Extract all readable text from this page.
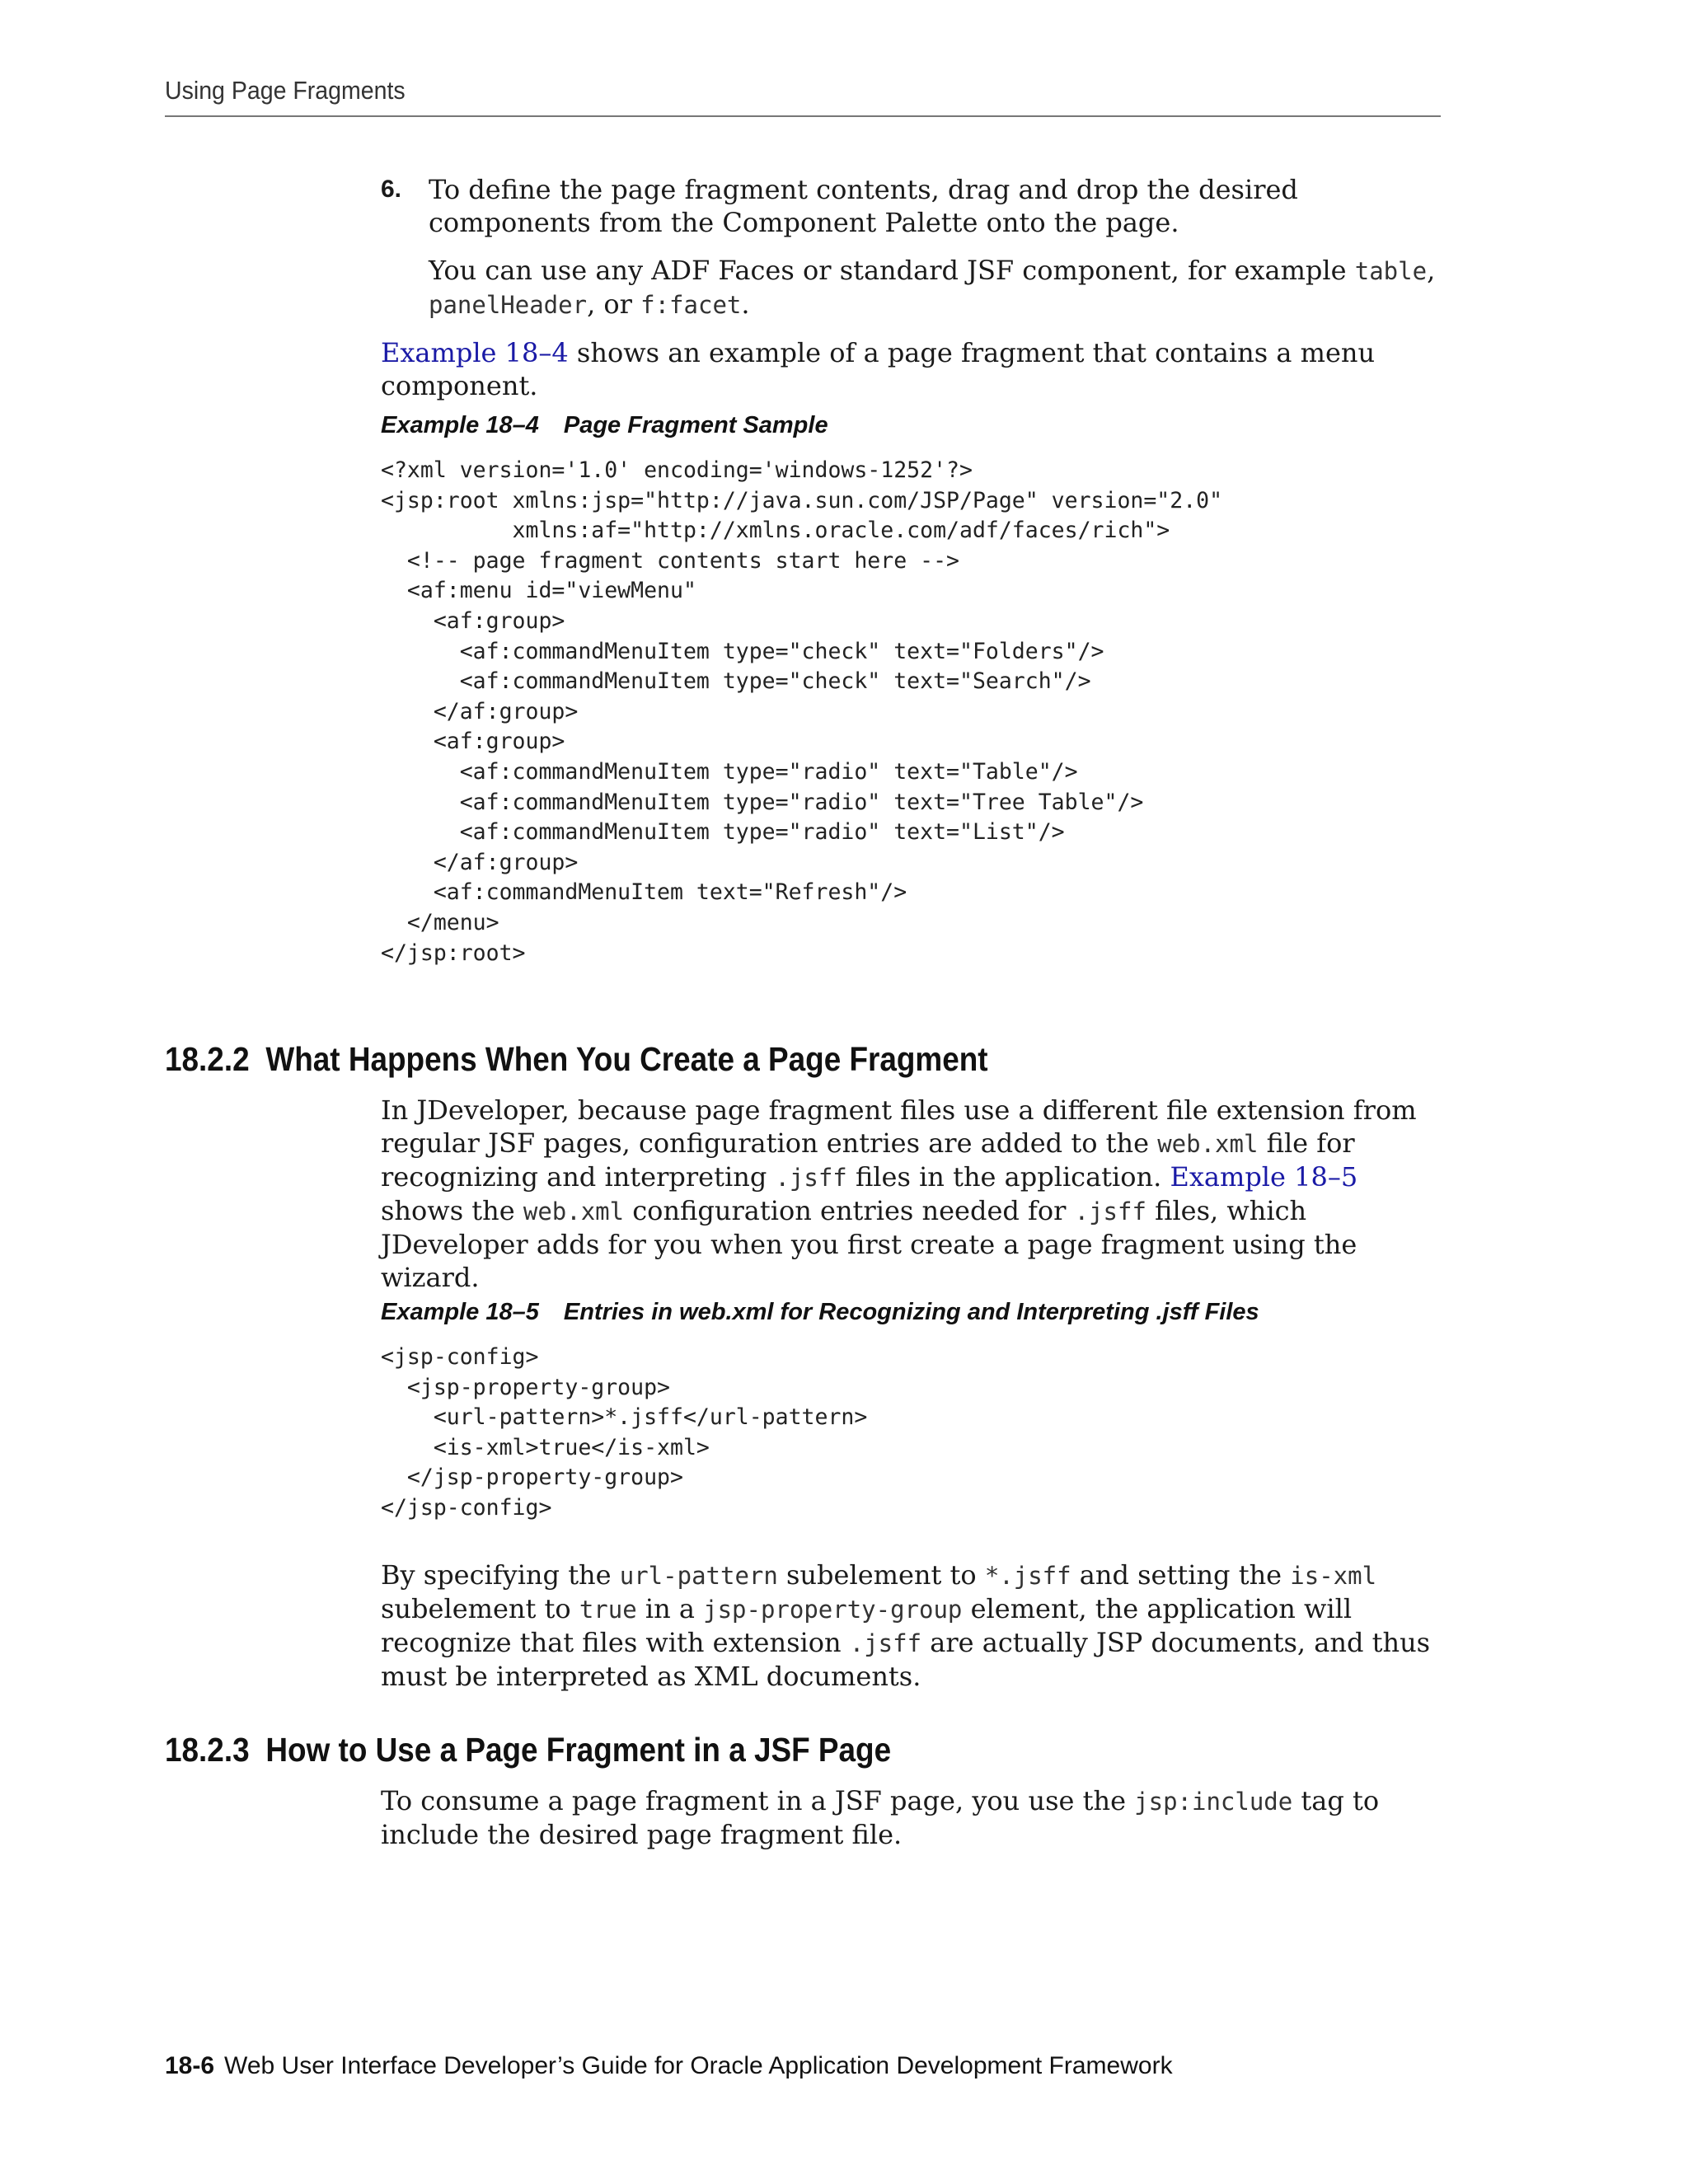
Using Page Fragments
6. To define the page fragment contents, drag and drop the desired components from the Component Palette onto the page.

You can use any ADF Faces or standard JSF component, for example table, panelHeader, or f:facet.

Example 18–4 shows an example of a page fragment that contains a menu component.

Example 18–4 Page Fragment Sample
<?xml version='1.0' encoding='windows-1252'?>
<jsp:root xmlns:jsp="http://java.sun.com/JSP/Page" version="2.0"
xmlns:af="http://xmlns.oracle.com/adf/faces/rich">
<!-- page fragment contents start here -->
<af:menu id="viewMenu"
<af:group>
<af:commandMenuItem type="check" text="Folders"/>
<af:commandMenuItem type="check" text="Search"/>
</af:group>
<af:group>
<af:commandMenuItem type="radio" text="Table"/>
<af:commandMenuItem type="radio" text="Tree Table"/>
<af:commandMenuItem type="radio" text="List"/>
</af:group>
<af:commandMenuItem text="Refresh"/>
</menu>
</jsp:root>
18.2.2 What Happens When You Create a Page Fragment

In JDeveloper, because page fragment files use a different file extension from regular JSF pages, configuration entries are added to the web.xml file for recognizing and interpreting .jsff files in the application. Example 18–5 shows the web.xml configuration entries needed for .jsff files, which JDeveloper adds for you when you first create a page fragment using the wizard.

Example 18–5 Entries in web.xml for Recognizing and Interpreting .jsff Files
<jsp-config>
<jsp-property-group>
<url-pattern>*.jsff</url-pattern>
<is-xml>true</is-xml>
</jsp-property-group>
</jsp-config>

By specifying the url-pattern subelement to *.jsff and setting the is-xml subelement to true in a jsp-property-group element, the application will recognize that files with extension .jsff are actually JSP documents, and thus must be interpreted as XML documents.

18.2.3 How to Use a Page Fragment in a JSF Page

To consume a page fragment in a JSF page, you use the jsp:include tag to include the desired page fragment file.

18-6 Web User Interface Developer’s Guide for Oracle Application Development Framework
